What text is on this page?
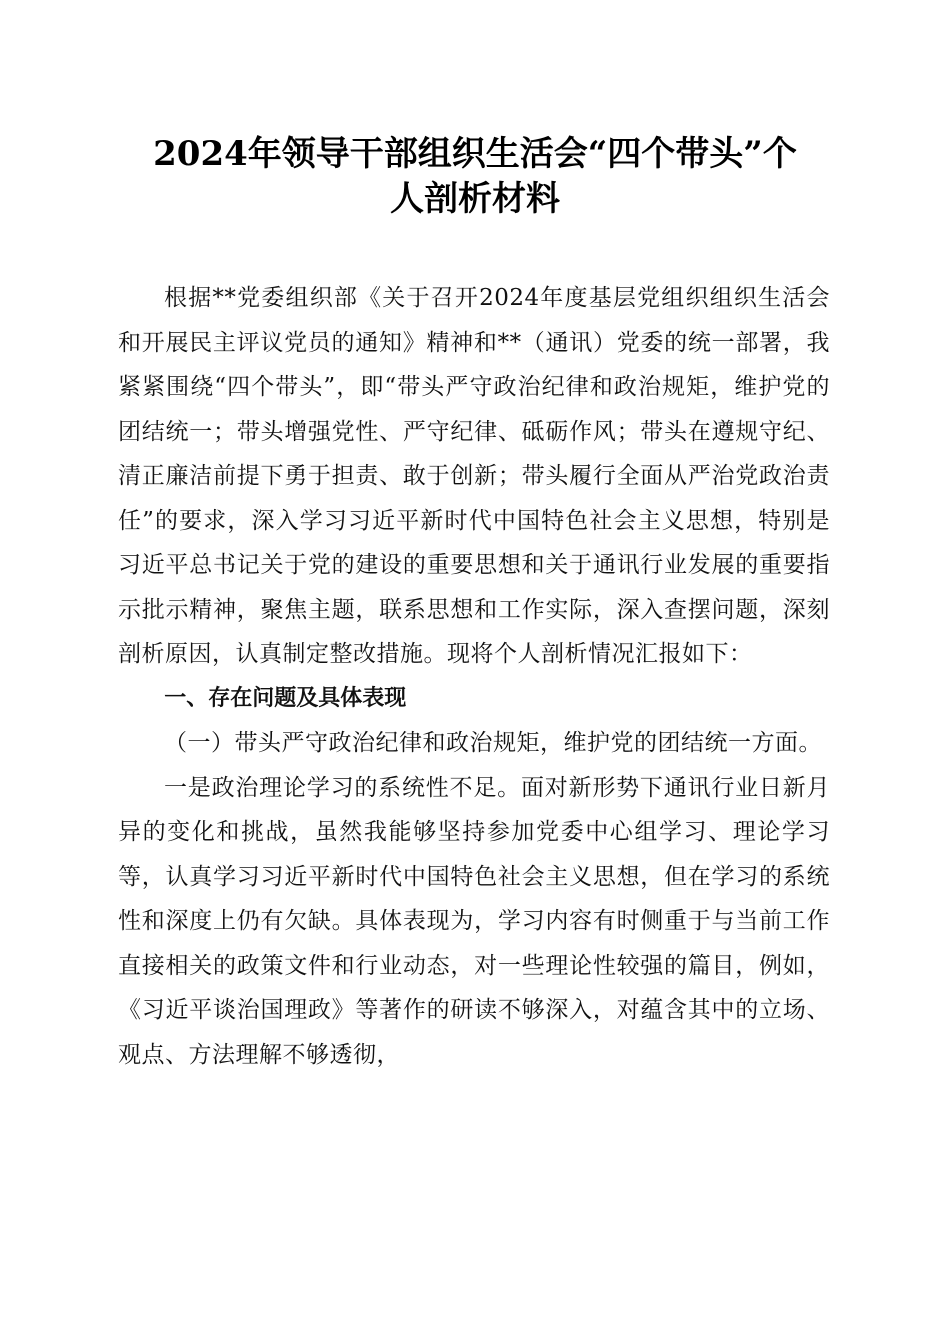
2024年领导干部组织生活会“四个带头”个
人剖析材料

根据**党委组织部《关于召开2024年度基层党组织组织生活会和开展民主评议党员的通知》精神和**（通讯）党委的统一部署，我紧紧围绕“四个带头”，即“带头严守政治纪律和政治规矩，维护党的团结统一；带头增强党性、严守纪律、砥砺作风；带头在遵规守纪、清正廉洁前提下勇于担责、敢于创新；带头履行全面从严治党政治责任”的要求，深入学习习近平新时代中国特色社会主义思想，特别是习近平总书记关于党的建设的重要思想和关于通讯行业发展的重要指示批示精神，聚焦主题，联系思想和工作实际，深入查摆问题，深刻剖析原因，认真制定整改措施。现将个人剖析情况汇报如下：

一、存在问题及具体表现

（一）带头严守政治纪律和政治规矩，维护党的团结统一方面。

一是政治理论学习的系统性不足。面对新形势下通讯行业日新月异的变化和挑战，虽然我能够坚持参加党委中心组学习、理论学习等，认真学习习近平新时代中国特色社会主义思想，但在学习的系统性和深度上仍有欠缺。具体表现为，学习内容有时侧重于与当前工作直接相关的政策文件和行业动态，对一些理论性较强的篇目，例如，《习近平谈治国理政》等著作的研读不够深入，对蕴含其中的立场、观点、方法理解不够透彻，
